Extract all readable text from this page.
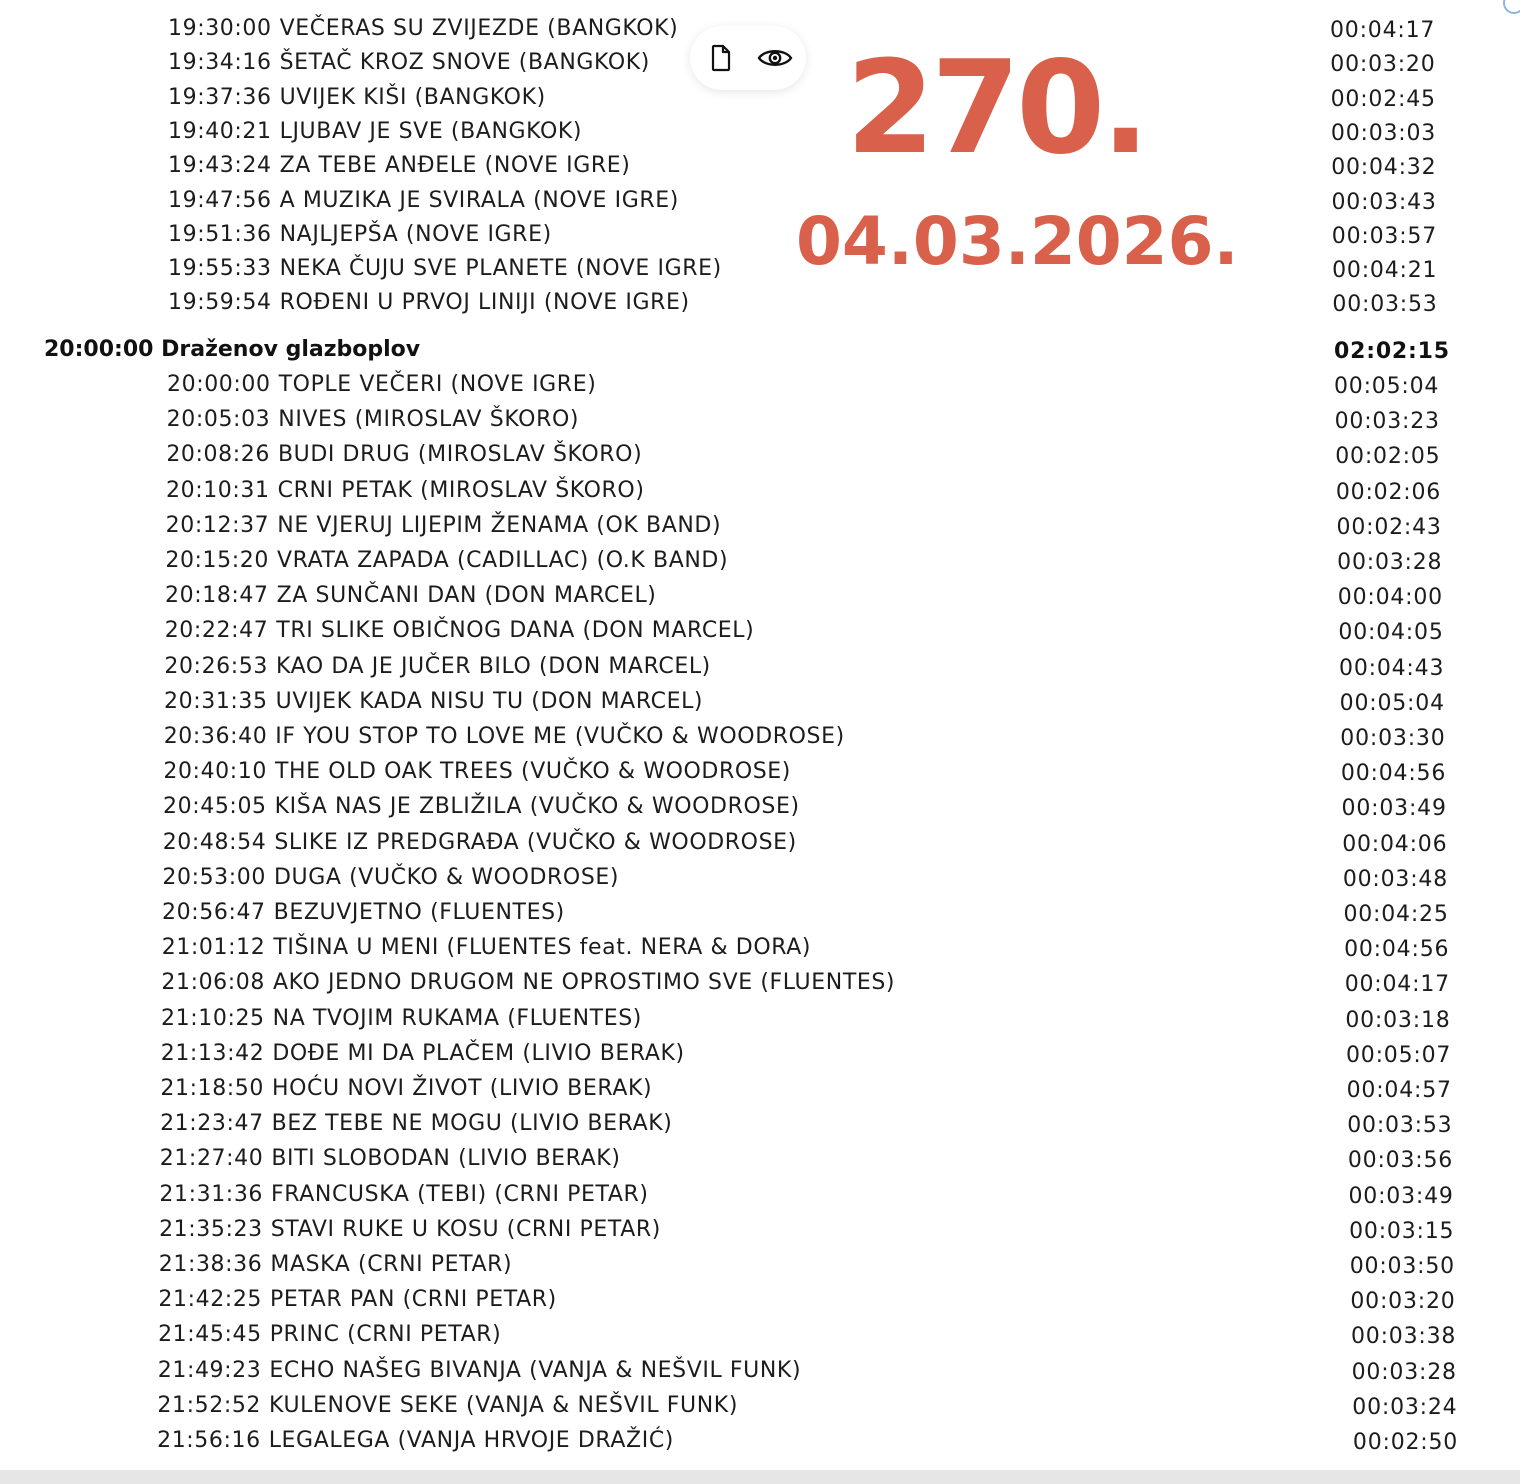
19:30:00 VEČERAS SU ZVIJEZDE (BANGKOK)	00:04:17
19:34:16 ŠETAČ KROZ SNOVE (BANGKOK)	00:03:20
19:37:36 UVIJEK KIŠI (BANGKOK)	00:02:45
19:40:21 LJUBAV JE SVE (BANGKOK)	00:03:03
19:43:24 ZA TEBE ANĐELE (NOVE IGRE)	00:04:32
19:47:56 A MUZIKA JE SVIRALA (NOVE IGRE)	00:03:43
19:51:36 NAJLJEPŠA (NOVE IGRE)	00:03:57
19:55:33 NEKA ČUJU SVE PLANETE (NOVE IGRE)	00:04:21
19:59:54 ROĐENI U PRVOJ LINIJI (NOVE IGRE)	00:03:53
20:00:00 Draženov glazboplov	02:02:15
20:00:00 TOPLE VEČERI (NOVE IGRE)	00:05:04
20:05:03 NIVES (MIROSLAV ŠKORO)	00:03:23
20:08:26 BUDI DRUG (MIROSLAV ŠKORO)	00:02:05
20:10:31 CRNI PETAK (MIROSLAV ŠKORO)	00:02:06
20:12:37 NE VJERUJ LIJEPIM ŽENAMA (OK BAND)	00:02:43
20:15:20 VRATA ZAPADA (CADILLAC) (O.K BAND)	00:03:28
20:18:47 ZA SUNČANI DAN (DON MARCEL)	00:04:00
20:22:47 TRI SLIKE OBIČNOG DANA (DON MARCEL)	00:04:05
20:26:53 KAO DA JE JUČER BILO (DON MARCEL)	00:04:43
20:31:35 UVIJEK KADA NISU TU (DON MARCEL)	00:05:04
20:36:40 IF YOU STOP TO LOVE ME (VUČKO & WOODROSE)	00:03:30
20:40:10 THE OLD OAK TREES (VUČKO & WOODROSE)	00:04:56
20:45:05 KIŠA NAS JE ZBLIŽILA (VUČKO & WOODROSE)	00:03:49
20:48:54 SLIKE IZ PREDGRAĐA (VUČKO & WOODROSE)	00:04:06
20:53:00 DUGA (VUČKO & WOODROSE)	00:03:48
20:56:47 BEZUVJETNO (FLUENTES)	00:04:25
21:01:12 TIŠINA U MENI (FLUENTES feat. NERA & DORA)	00:04:56
21:06:08 AKO JEDNO DRUGOM NE OPROSTIMO SVE (FLUENTES)	00:04:17
21:10:25 NA TVOJIM RUKAMA (FLUENTES)	00:03:18
21:13:42 DOĐE MI DA PLAČEM (LIVIO BERAK)	00:05:07
21:18:50 HOĆU NOVI ŽIVOT (LIVIO BERAK)	00:04:57
21:23:47 BEZ TEBE NE MOGU (LIVIO BERAK)	00:03:53
21:27:40 BITI SLOBODAN (LIVIO BERAK)	00:03:56
21:31:36 FRANCUSKA (TEBI) (CRNI PETAR)	00:03:49
21:35:23 STAVI RUKE U KOSU (CRNI PETAR)	00:03:15
21:38:36 MASKA (CRNI PETAR)	00:03:50
21:42:25 PETAR PAN (CRNI PETAR)	00:03:20
21:45:45 PRINC (CRNI PETAR)	00:03:38
21:49:23 ECHO NAŠEG BIVANJA (VANJA & NEŠVIL FUNK)	00:03:28
21:52:52 KULENOVE SEKE (VANJA & NEŠVIL FUNK)	00:03:24
21:56:16 LEGALEGA (VANJA HRVOJE DRAŽIĆ)	00:02:50
270.
04.03.2026.
